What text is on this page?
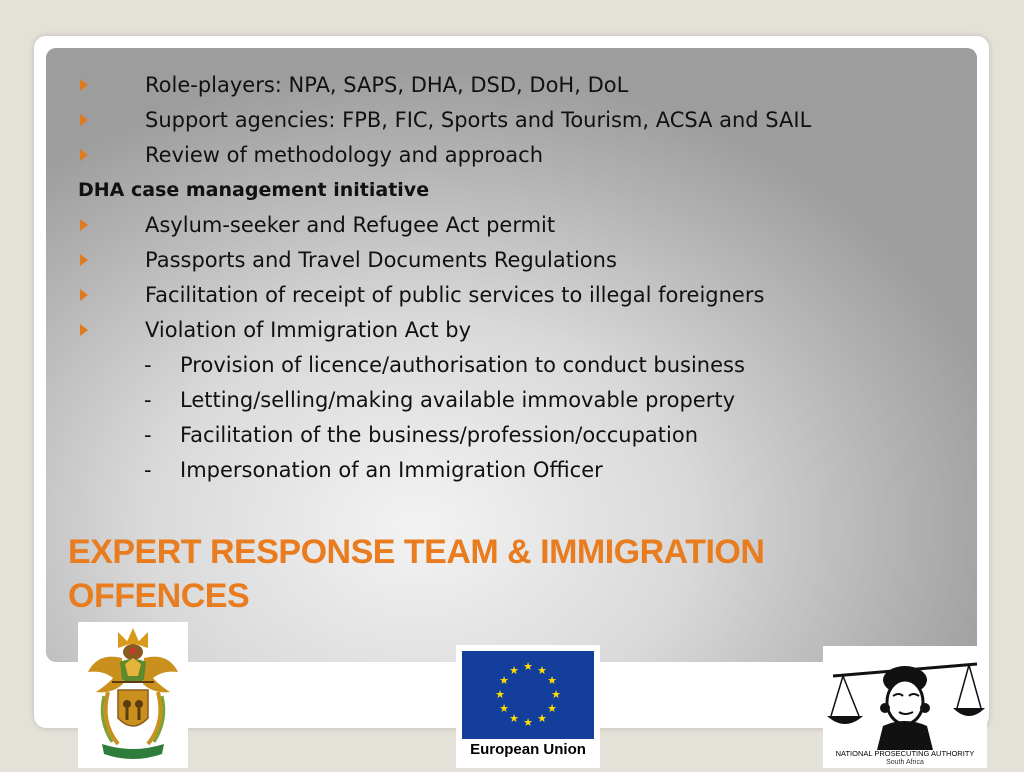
Role-players: NPA, SAPS, DHA, DSD, DoH, DoL
Support agencies: FPB, FIC, Sports and Tourism, ACSA and SAIL
Review of methodology and approach
DHA case management initiative
Asylum-seeker and Refugee Act permit
Passports and Travel Documents Regulations
Facilitation of receipt of public services to illegal foreigners
Violation of Immigration Act by
- Provision of licence/authorisation to conduct business
- Letting/selling/making available immovable property
- Facilitation of the business/profession/occupation
- Impersonation of an Immigration Officer
EXPERT RESPONSE TEAM & IMMIGRATION
OFFENCES
★ ★
★
★
★
★
★
★
★
★
★
★
European Union	NATIONAL PROSECUTING AUTHORITY
South Africa
